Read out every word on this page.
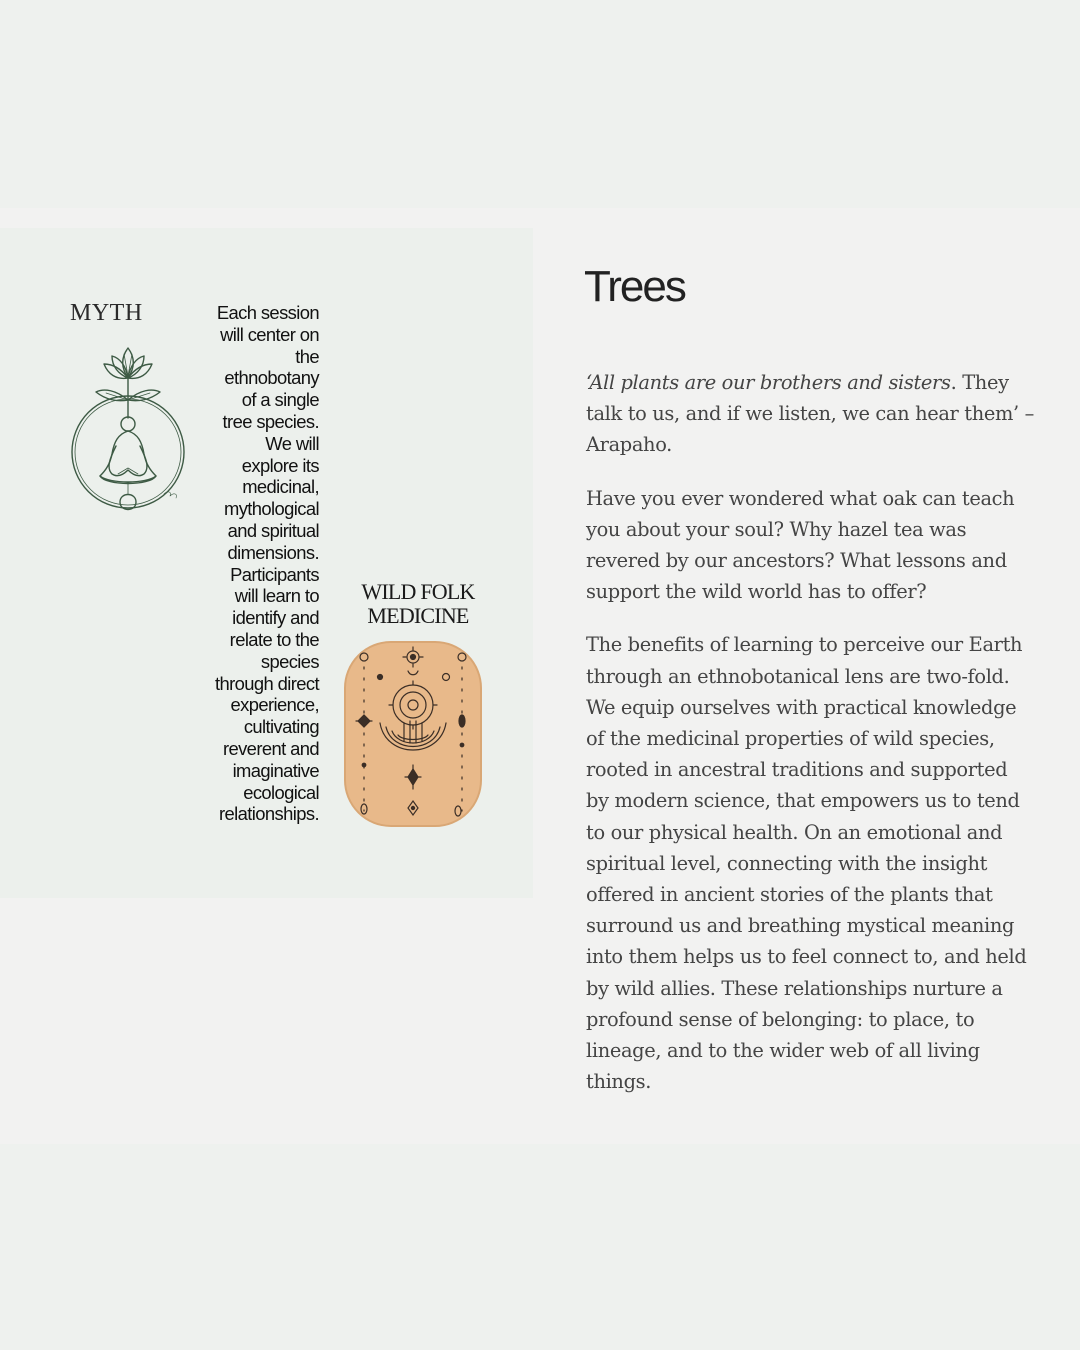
MYTH	Each session
will center on
the
ethnobotany
of a single
tree species.
We will
explore its
medicinal,
mythological
and spiritual
dimensions.
Participants
will learn to
identify and
relate to the
species
through direct
experience,
cultivating
reverent and
imaginative
ecological
relationships.

WILD FOLK
MEDICINE
Trees

‘All plants are our brothers and sisters. They talk to us, and if we listen, we can hear them’ – Arapaho.

Have you ever wondered what oak can teach you about your soul? Why hazel tea was revered by our ancestors? What lessons and support the wild world has to offer?

The benefits of learning to perceive our Earth through an ethnobotanical lens are two-fold. We equip ourselves with practical knowledge of the medicinal properties of wild species, rooted in ancestral traditions and supported by modern science, that empowers us to tend to our physical health. On an emotional and spiritual level, connecting with the insight offered in ancient stories of the plants that surround us and breathing mystical meaning into them helps us to feel connect to, and held by wild allies. These relationships nurture a profound sense of belonging: to place, to lineage, and to the wider web of all living things.
